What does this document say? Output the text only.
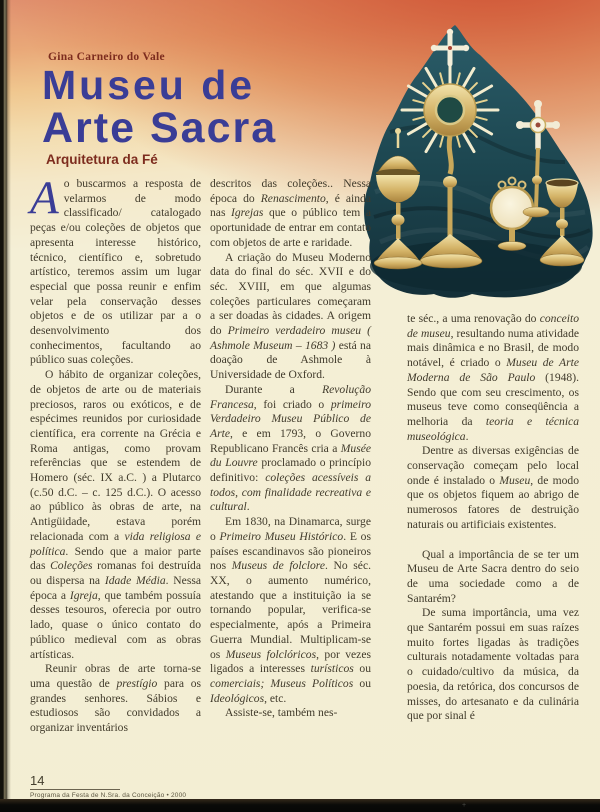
Gina Carneiro do Vale
Museu de
Arte Sacra
Arquitetura da Fé

Ao buscarmos a resposta de velarmos de modo classificado/ catalogado peças e/ou coleções de objetos que apresenta interesse histórico, técnico, científico e, sobretudo artístico, teremos assim um lugar especial que possa reunir e enfim velar pela conservação desses objetos e de os utilizar par a o desenvolvimento dos conhecimentos, facultando ao público suas coleções.

O hábito de organizar coleções, de objetos de arte ou de materiais preciosos, raros ou exóticos, e de espécimes reunidos por curiosidade científica, era corrente na Grécia e Roma antigas, como provam referências que se estendem de Homero (séc. IX a.C. ) a Plutarco (c.50 d.C. – c. 125 d.C.). O acesso ao público às obras de arte, na Antigüidade, estava porém relacionada com a vida religiosa e política. Sendo que a maior parte das Coleções romanas foi destruída ou dispersa na Idade Média. Nessa época a Igreja, que também possuía desses tesouros, oferecia por outro lado, quase o único contato do público medieval com as obras artísticas.

Reunir obras de arte torna-se uma questão de prestígio para os grandes senhores. Sábios e estudiosos são convidados a organizar inventários

descritos das coleções.. Nessa época do Renascimento, é ainda nas Igrejas que o público tem a oportunidade de entrar em contato com objetos de arte e raridade.

A criação do Museu Moderno data do final do séc. XVII e do séc. XVIII, em que algumas coleções particulares começaram a ser doadas às cidades. A origem do Primeiro verdadeiro museu ( Ashmole Museum – 1683 ) está na doação de Ashmole à Universidade de Oxford.

Durante a Revolução Francesa, foi criado o primeiro Verdadeiro Museu Público de Arte, e em 1793, o Governo Republicano Francês cria a Musée du Louvre proclamado o princípio definitivo: coleções acessíveis a todos, com finalidade recreativa e cultural.

Em 1830, na Dinamarca, surge o Primeiro Museu Histórico. E os países escandinavos são pioneiros nos Museus de folclore. No séc. XX, o aumento numérico, atestando que a instituição ia se tornando popular, verifica-se especialmente, após a Primeira Guerra Mundial. Multiplicam-se os Museus folclóricos, por vezes ligados a interesses turísticos ou comerciais; Museus Políticos ou Ideológicos, etc.

Assiste-se, também nes-

te séc., a uma renovação do conceito de museu, resultando numa atividade mais dinâmica e no Brasil, de modo notável, é criado o Museu de Arte Moderna de São Paulo (1948). Sendo que com seu crescimento, os museus teve como conseqüência a melhoria da teoria e técnica museológica.

Dentre as diversas exigências de conservação começam pelo local onde é instalado o Museu, de modo que os objetos fiquem ao abrigo de numerosos fatores de destruição naturais ou artificiais existentes.

Qual a importância de se ter um Museu de Arte Sacra dentro do seio de uma sociedade como a de Santarém?

De suma importância, uma vez que Santarém possui em suas raízes muito fortes ligadas às tradições culturais notadamente voltadas para o cuidado/cultivo da música, da poesia, da retórica, dos concursos de misses, do artesanato e da culinária que por sinal é

14
Programa da Festa de N.Sra. da Conceição • 2000
+
